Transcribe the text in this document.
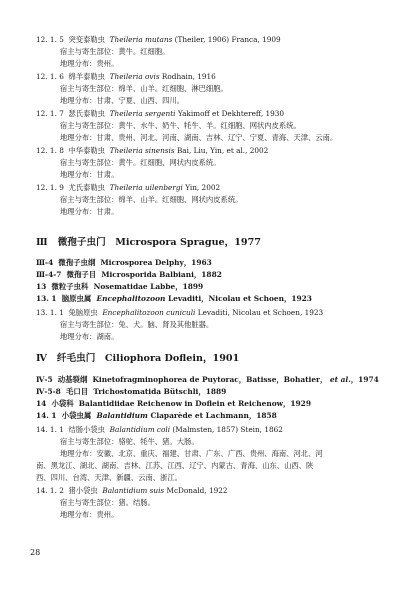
12. 1. 5 突变泰勒虫 Theileria mutans (Theiler, 1906) Franca, 1909
宿主与寄生部位：黄牛。红细胞。
地理分布：贵州。
12. 1. 6 绵羊泰勒虫 Theileria ovis Rodhain, 1916
宿主与寄生部位：绵羊、山羊。红细胞、淋巴细胞。
地理分布：甘肃、宁夏、山西、四川。
12. 1. 7 瑟氏泰勒虫 Theileria sergenti Yakimoff et Dekhtereff, 1930
宿主与寄生部位：黄牛、水牛、奶牛、牦牛、羊。红细胞、网状内皮系统。
地理分布：甘肃、贵州、河北、河南、湖南、吉林、辽宁、宁夏、青海、天津、云南。
12. 1. 8 中华泰勒虫 Theileria sinensis Bai, Liu, Yin, et al., 2002
宿主与寄生部位：黄牛。红细胞、网状内皮系统。
地理分布：甘肃。
12. 1. 9 尤氏泰勒虫 Theileria uilenbergi Yin, 2002
宿主与寄生部位：绵羊、山羊。红细胞、网状内皮系统。
地理分布：甘肃。
Ⅲ 微孢子虫门　Microspora Sprague，1977
Ⅲ-4 微孢子虫纲 Microsporea Delphy，1963
Ⅲ-4-7 微孢子目 Microsporida Balbiani，1882
13 微粒子虫科 Nosematidae Labbe，1899
13. 1 脑原虫属 Encephalitozoon Levaditi，Nicolau et Schoen，1923
13. 1. 1 兔脑原虫 Encephalitozoon cuniculi Levaditi, Nicolau et Schoen, 1923
宿主与寄生部位：兔、犬。脑、肾及其他脏器。
地理分布：湖南。
Ⅳ 纤毛虫门　Ciliophora Doflein，1901
Ⅳ-5 动基裂纲 Kinetofragminophorea de Puytorac，Batisse，Bohatier， et al.，1974
Ⅳ-5-8 毛口目 Trichostomatida Bütschli，1889
14 小袋科 Balantidiidae Reichenow in Doflein et Reichenow，1929
14. 1 小袋虫属 Balantidium Claparède et Lachmann，1858
14. 1. 1 结肠小袋虫 Balantidium coli (Malmsten, 1857) Stein, 1862
宿主与寄生部位：骆驼、牦牛、猪。大肠。
地理分布：安徽、北京、重庆、福建、甘肃、广东、广西、贵州、海南、河北、河
南、黑龙江、湖北、湖南、吉林、江苏、江西、辽宁、内蒙古、青海、山东、山西、陕
西、四川、台湾、天津、新疆、云南、浙江。
14. 1. 2 猪小袋虫 Balantidium suis McDonald, 1922
宿主与寄生部位：猪。结肠。
地理分布：贵州。
28
